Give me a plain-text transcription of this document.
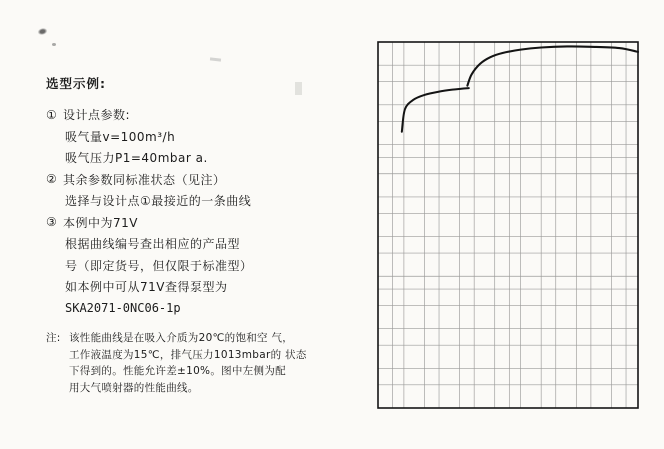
选型示例:
① 设计点参数:
吸气量v=100m³/h
吸气压力P1=40mbar a.
② 其余参数同标准状态（见注）
选择与设计点①最接近的一条曲线
③ 本例中为71V
根据曲线编号查出相应的产品型
号（即定货号，但仅限于标准型）
如本例中可从71V查得泵型为
SKA2071-0NC06-1p
注: 该性能曲线是在吸入介质为20℃的饱和空 气，
工作液温度为15℃，排气压力1013mbar的 状态
下得到的。性能允许差±10%。图中左侧为配
用大气喷射器的性能曲线。
